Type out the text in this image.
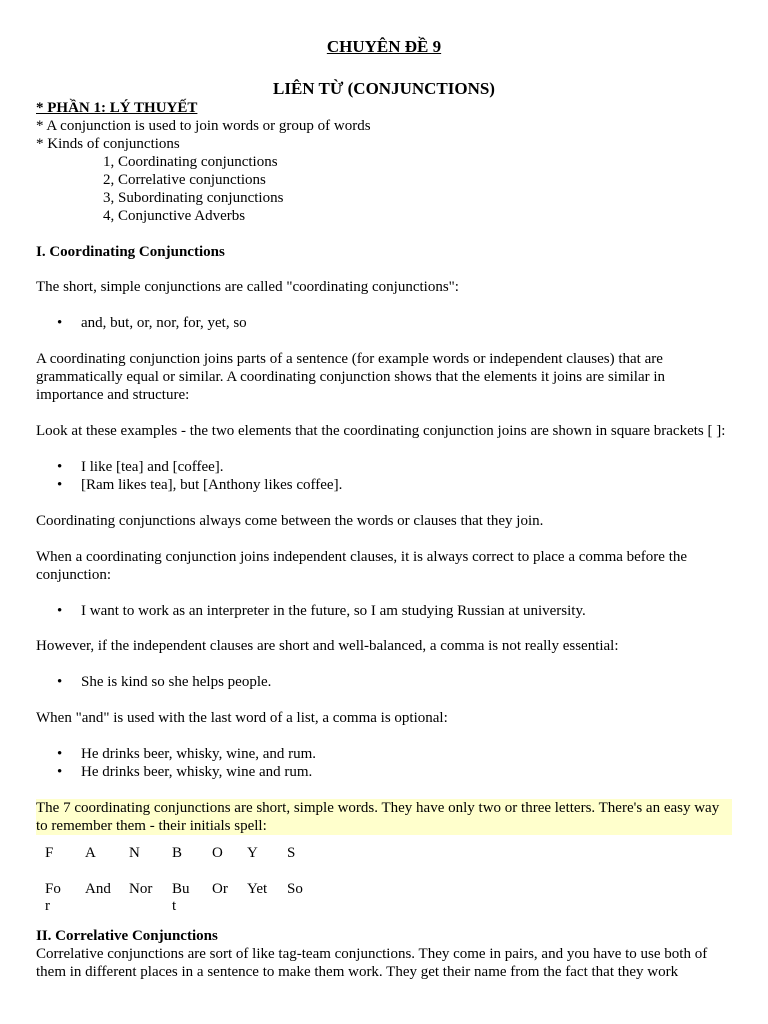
CHUYÊN ĐỀ 9
LIÊN TỪ (CONJUNCTIONS)
* PHẦN 1: LÝ THUYẾT
* A conjunction is used to join words or group of words
* Kinds of conjunctions
1, Coordinating conjunctions
2, Correlative conjunctions
3, Subordinating conjunctions
4, Conjunctive Adverbs
I. Coordinating Conjunctions
The short, simple conjunctions are called "coordinating conjunctions":
• and, but, or, nor, for, yet, so
A coordinating conjunction joins parts of a sentence (for example words or independent clauses) that are grammatically equal or similar. A coordinating conjunction shows that the elements it joins are similar in importance and structure:
Look at these examples - the two elements that the coordinating conjunction joins are shown in square brackets [ ]:
• I like [tea] and [coffee].
• [Ram likes tea], but [Anthony likes coffee].
Coordinating conjunctions always come between the words or clauses that they join.
When a coordinating conjunction joins independent clauses, it is always correct to place a comma before the conjunction:
• I want to work as an interpreter in the future, so I am studying Russian at university.
However, if the independent clauses are short and well-balanced, a comma is not really essential:
• She is kind so she helps people.
When "and" is used with the last word of a list, a comma is optional:
• He drinks beer, whisky, wine, and rum.
• He drinks beer, whisky, wine and rum.
The 7 coordinating conjunctions are short, simple words. They have only two or three letters. There's an easy way to remember them - their initials spell:
F A N B O Y S
Fo
r
And Nor Bu
t
Or Yet So
II. Correlative Conjunctions
Correlative conjunctions are sort of like tag-team conjunctions. They come in pairs, and you have to use both of them in different places in a sentence to make them work. They get their name from the fact that they work
